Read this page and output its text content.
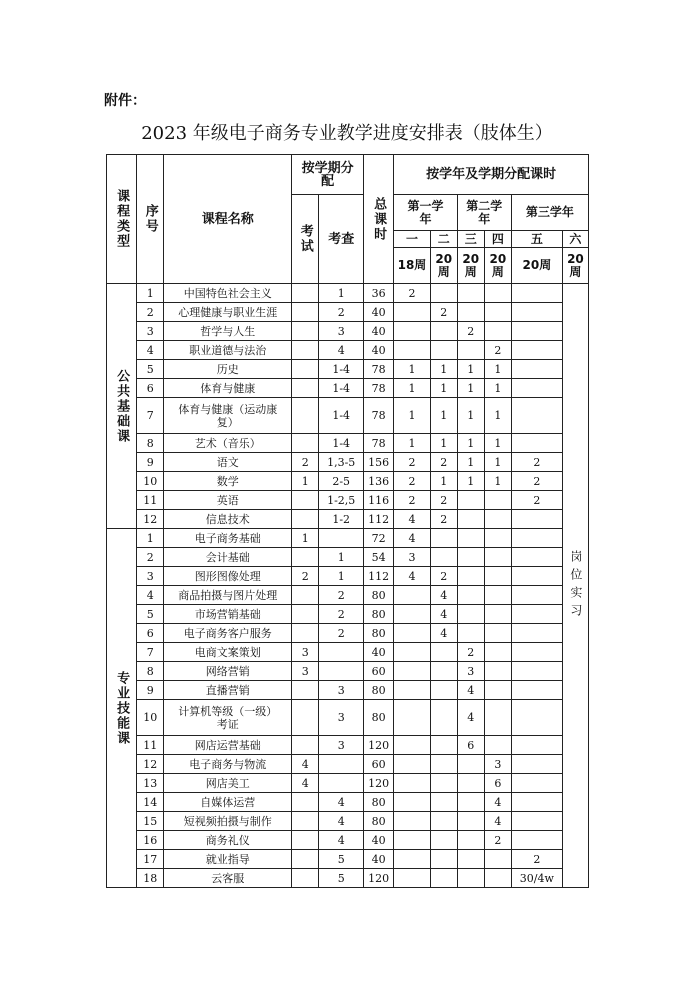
附件：
2023 年级电子商务专业教学进度安排表（肢体生）
课程类型	序号	课程名称	按学期分配		总课时	按学年及学期分配课时					

			考试	考查		第一学年		第二学年		第三学年	
						一	二	三	四	五	六
						18周	20周	20周	20周	20周	20周

公共基础课	1	中国特色社会主义		1	36	2					岗位实习

	2	心理健康与职业生涯		2	40		2				
	3	哲学与人生		3	40			2			
	4	职业道德与法治		4	40				2		
	5	历史		1-4	78	1	1	1	1		
	6	体育与健康		1-4	78	1	1	1	1		
	7	体育与健康（运动康复）		1-4	78	1	1	1	1		
	8	艺术（音乐）		1-4	78	1	1	1	1		
	9	语文	2	1,3-5	156	2	2	1	1	2	
	10	数学	1	2-5	136	2	1	1	1	2	
	11	英语		1-2,5	116	2	2			2	
	12	信息技术		1-2	112	4	2				

专业技能课	1	电子商务基础	1		72	4					
	2	会计基础		1	54	3					
	3	图形图像处理	2	1	112	4	2				
	4	商品拍摄与图片处理		2	80		4				
	5	市场营销基础		2	80		4				
	6	电子商务客户服务		2	80		4				
	7	电商文案策划	3		40			2			
	8	网络营销	3		60			3			
	9	直播营销		3	80			4			
	10	计算机等级（一级）考证		3	80			4			
	11	网店运营基础		3	120			6			
	12	电子商务与物流	4		60				3		
	13	网店美工	4		120				6		
	14	自媒体运营		4	80				4		
	15	短视频拍摄与制作		4	80				4		
	16	商务礼仪		4	40				2		
	17	就业指导		5	40					2	
	18	云客服		5	120					30/4w	
